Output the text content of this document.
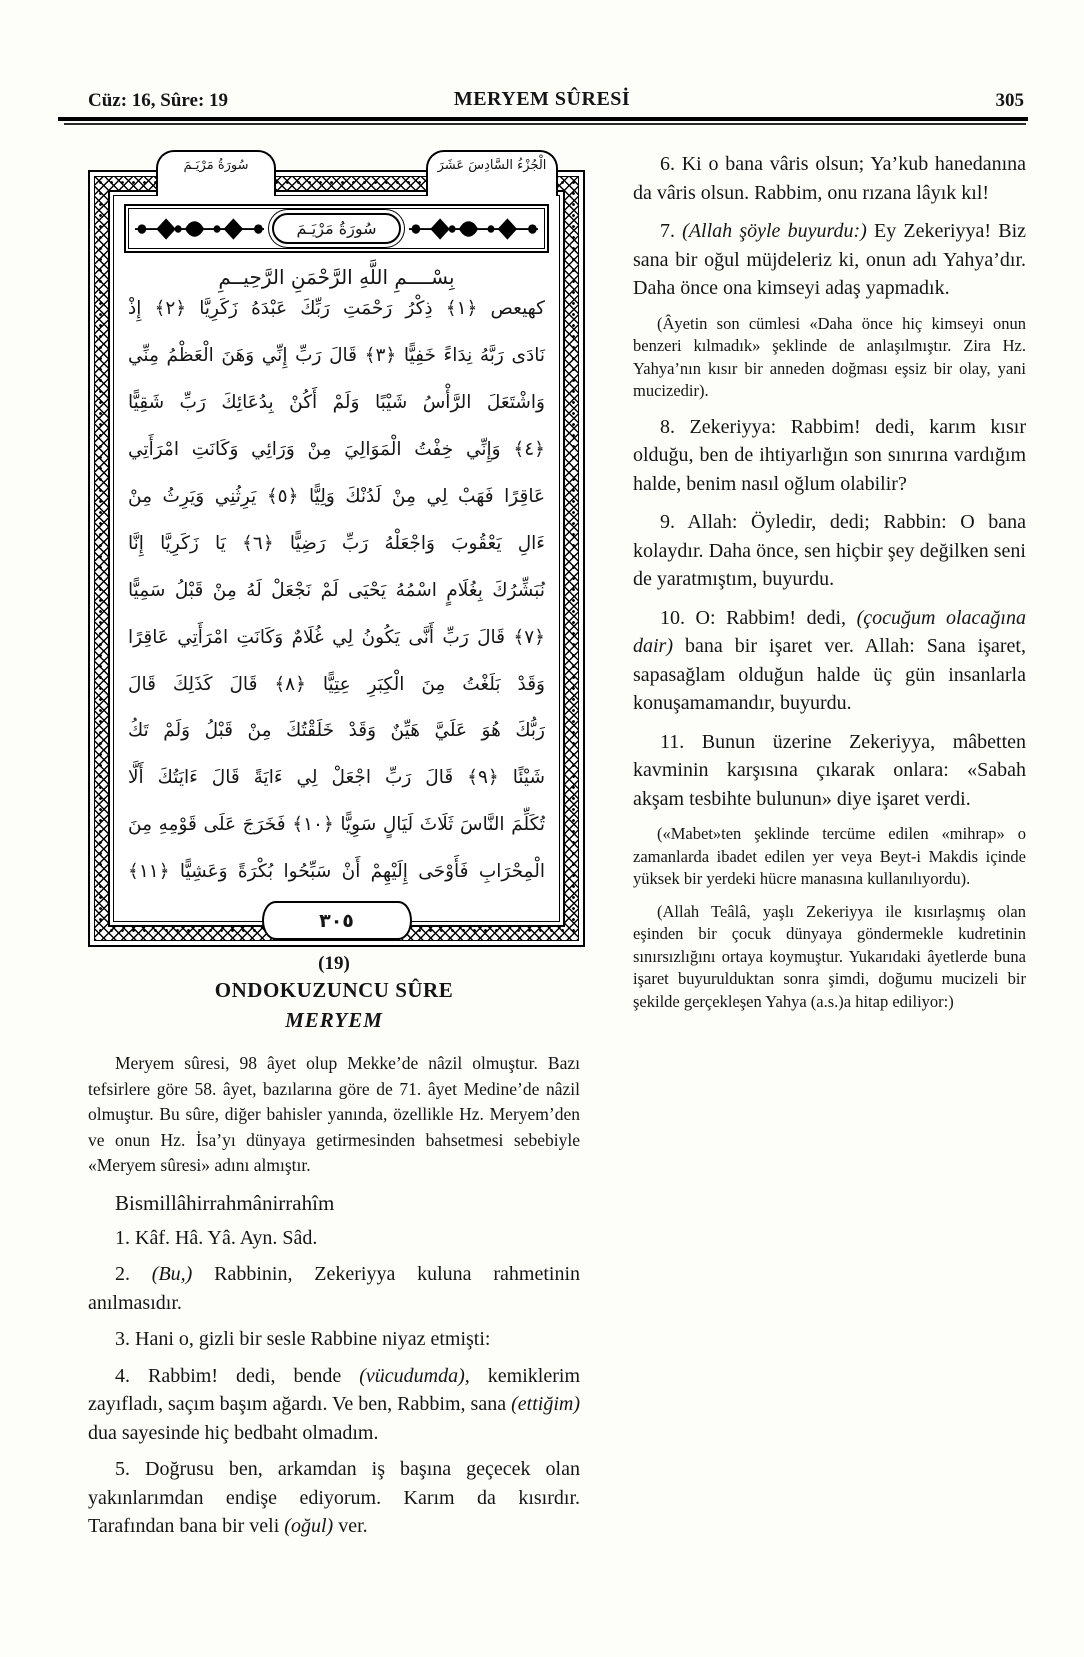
Cüz: 16, Sûre: 19	MERYEM SÛRESİ	305
سُورَةُ مَرْيَـمَ	الْجُزْءُ السَّادِسَ عَشَرَ
سُورَةُ مَرْيَـمَ
بِسْــــمِ اللَّهِ الرَّحْمَنِ الرَّحِيــمِ
كهيعص ﴿١﴾ ذِكْرُ رَحْمَتِ رَبِّكَ عَبْدَهُ زَكَرِيَّا ﴿٢﴾ إِذْ
نَادَى رَبَّهُ نِدَاءً خَفِيًّا ﴿٣﴾ قَالَ رَبِّ إِنِّي وَهَنَ الْعَظْمُ مِنِّي
وَاشْتَعَلَ الرَّأْسُ شَيْبًا وَلَمْ أَكُنْ بِدُعَائِكَ رَبِّ شَقِيًّا
﴿٤﴾ وَإِنِّي خِفْتُ الْمَوَالِيَ مِنْ وَرَائِي وَكَانَتِ امْرَأَتِي
عَاقِرًا فَهَبْ لِي مِنْ لَدُنْكَ وَلِيًّا ﴿٥﴾ يَرِثُنِي وَيَرِثُ مِنْ
ءَالِ يَعْقُوبَ وَاجْعَلْهُ رَبِّ رَضِيًّا ﴿٦﴾ يَا زَكَرِيَّا إِنَّا
نُبَشِّرُكَ بِغُلَامٍ اسْمُهُ يَحْيَى لَمْ نَجْعَلْ لَهُ مِنْ قَبْلُ سَمِيًّا
﴿٧﴾ قَالَ رَبِّ أَنَّى يَكُونُ لِي غُلَامٌ وَكَانَتِ امْرَأَتِي عَاقِرًا
وَقَدْ بَلَغْتُ مِنَ الْكِبَرِ عِتِيًّا ﴿٨﴾ قَالَ كَذَلِكَ قَالَ
رَبُّكَ هُوَ عَلَيَّ هَيِّنٌ وَقَدْ خَلَقْتُكَ مِنْ قَبْلُ وَلَمْ تَكُ
شَيْئًا ﴿٩﴾ قَالَ رَبِّ اجْعَلْ لِي ءَايَةً قَالَ ءَايَتُكَ أَلَّا
تُكَلِّمَ النَّاسَ ثَلَاثَ لَيَالٍ سَوِيًّا ﴿١٠﴾ فَخَرَجَ عَلَى قَوْمِهِ مِنَ
الْمِحْرَابِ فَأَوْحَى إِلَيْهِمْ أَنْ سَبِّحُوا بُكْرَةً وَعَشِيًّا ﴿١١﴾
٣٠٥
(19)
ONDOKUZUNCU SÛRE
MERYEM

Meryem sûresi, 98 âyet olup Mekke’de nâzil olmuştur. Bazı tefsirlere göre 58. âyet, bazılarına göre de 71. âyet Medine’de nâzil olmuştur. Bu sûre, diğer bahisler yanında, özellikle Hz. Meryem’den ve onun Hz. İsa’yı dünyaya getirmesinden bahsetmesi sebebiyle «Meryem sûresi» adını almıştır.

Bismillâhirrahmânirrahîm

1. Kâf. Hâ. Yâ. Ayn. Sâd.

2. (Bu,) Rabbinin, Zekeriyya kuluna rahmetinin anılmasıdır.

3. Hani o, gizli bir sesle Rabbine niyaz etmişti:

4. Rabbim! dedi, bende (vücudumda), kemiklerim zayıfladı, saçım başım ağardı. Ve ben, Rabbim, sana (ettiğim) dua sayesinde hiç bedbaht olmadım.

5. Doğrusu ben, arkamdan iş başına geçecek olan yakınlarımdan endişe ediyorum. Karım da kısırdır. Tarafından bana bir veli (oğul) ver.

6. Ki o bana vâris olsun; Ya’kub hanedanına da vâris olsun. Rabbim, onu rızana lâyık kıl!

7. (Allah şöyle buyurdu:) Ey Zekeriyya! Biz sana bir oğul müjdeleriz ki, onun adı Yahya’dır. Daha önce ona kimseyi adaş yapmadık.

(Âyetin son cümlesi «Daha önce hiç kimseyi onun benzeri kılmadık» şeklinde de anlaşılmıştır. Zira Hz. Yahya’nın kısır bir anneden doğması eşsiz bir olay, yani mucizedir).

8. Zekeriyya: Rabbim! dedi, karım kısır olduğu, ben de ihtiyarlığın son sınırına vardığım halde, benim nasıl oğlum olabilir?

9. Allah: Öyledir, dedi; Rabbin: O bana kolaydır. Daha önce, sen hiçbir şey değilken seni de yaratmıştım, buyurdu.

10. O: Rabbim! dedi, (çocuğum olacağına dair) bana bir işaret ver. Allah: Sana işaret, sapasağlam olduğun halde üç gün insanlarla konuşamamandır, buyurdu.

11. Bunun üzerine Zekeriyya, mâbetten kavminin karşısına çıkarak onlara: «Sabah akşam tesbihte bulunun» diye işaret verdi.

(«Mabet»ten şeklinde tercüme edilen «mihrap» o zamanlarda ibadet edilen yer veya Beyt-i Makdis içinde yüksek bir yerdeki hücre manasına kullanılıyordu).

(Allah Teâlâ, yaşlı Zekeriyya ile kısırlaşmış olan eşinden bir çocuk dünyaya göndermekle kudretinin sınırsızlığını ortaya koymuştur. Yukarıdaki âyetlerde buna işaret buyurulduktan sonra şimdi, doğumu mucizeli bir şekilde gerçekleşen Yahya (a.s.)a hitap ediliyor:)
